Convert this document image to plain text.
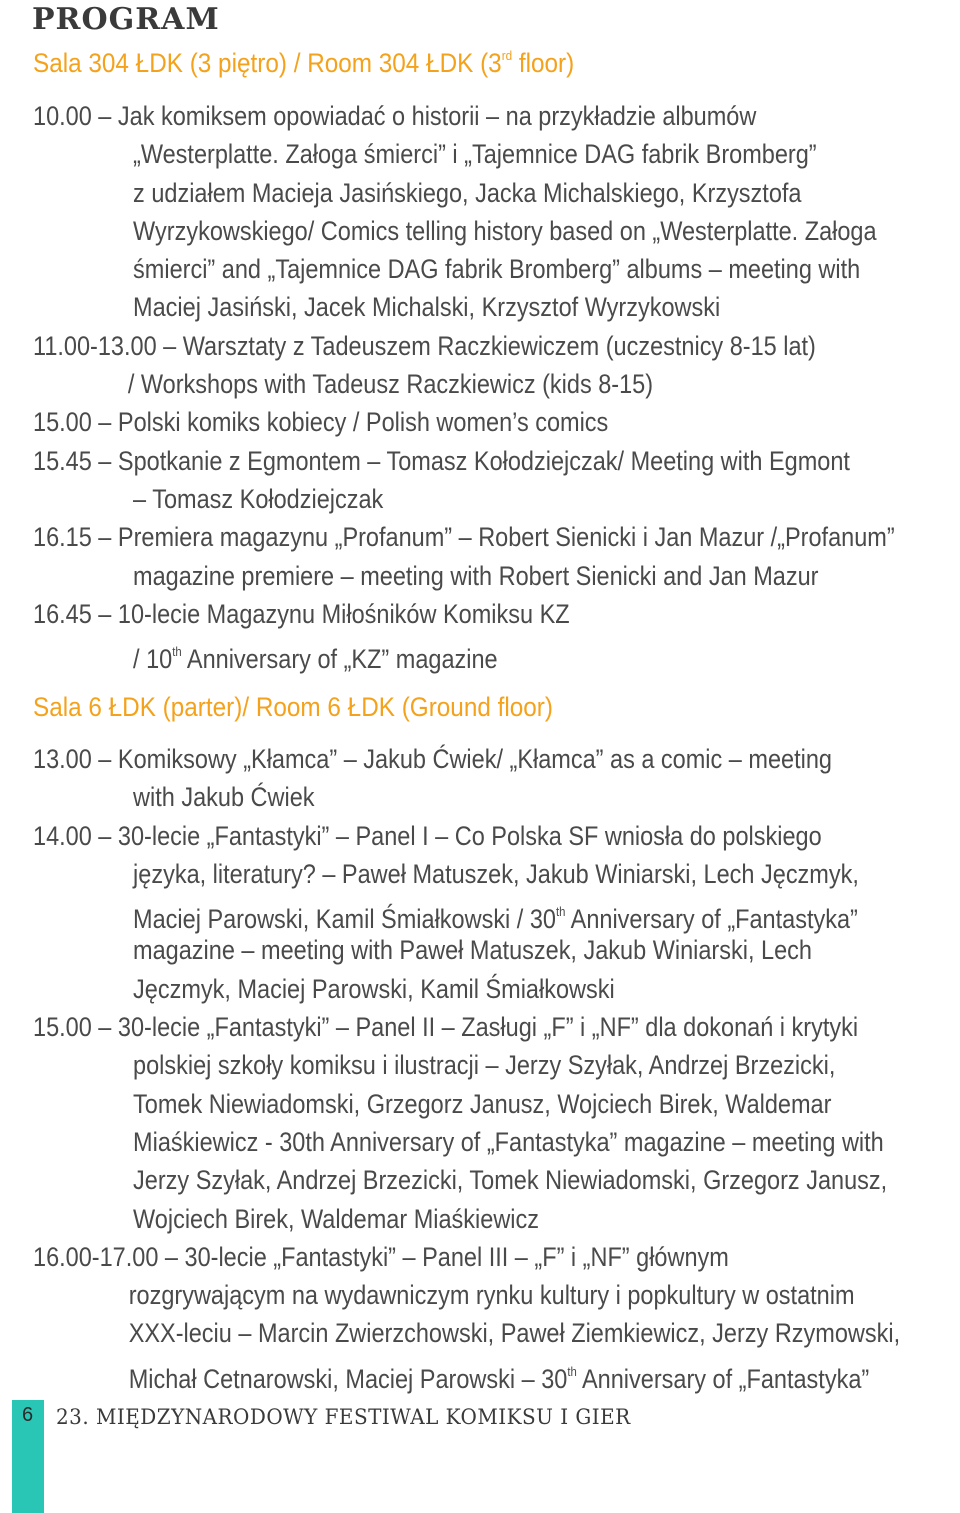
PROGRAM
Sala 304 ŁDK (3 piętro) / Room 304 ŁDK (3rd floor)
10.00 – Jak komiksem opowiadać o historii – na przykładzie albumów
„Westerplatte. Załoga śmierci” i „Tajemnice DAG fabrik Bromberg”
z udziałem Macieja Jasińskiego, Jacka Michalskiego, Krzysztofa
Wyrzykowskiego/ Comics telling history based on „Westerplatte. Załoga
śmierci” and „Tajemnice DAG fabrik Bromberg” albums – meeting with
Maciej Jasiński, Jacek Michalski, Krzysztof Wyrzykowski
11.00-13.00 – Warsztaty z Tadeuszem Raczkiewiczem (uczestnicy 8-15 lat)
/ Workshops with Tadeusz Raczkiewicz (kids 8-15)
15.00 – Polski komiks kobiecy / Polish women’s comics
15.45 – Spotkanie z Egmontem – Tomasz Kołodziejczak/ Meeting with Egmont
– Tomasz Kołodziejczak
16.15 – Premiera magazynu „Profanum” – Robert Sienicki i Jan Mazur /„Profanum”
magazine premiere – meeting with Robert Sienicki and Jan Mazur
16.45 – 10-lecie Magazynu Miłośników Komiksu KZ
/ 10th Anniversary of „KZ” magazine
Sala 6 ŁDK (parter)/ Room 6 ŁDK (Ground floor)
13.00 – Komiksowy „Kłamca” – Jakub Ćwiek/ „Kłamca” as a comic – meeting
with Jakub Ćwiek
14.00 – 30-lecie „Fantastyki” – Panel I – Co Polska SF wniosła do polskiego
języka, literatury? – Paweł Matuszek, Jakub Winiarski, Lech Jęczmyk,
Maciej Parowski, Kamil Śmiałkowski / 30th Anniversary of „Fantastyka”
magazine – meeting with Paweł Matuszek, Jakub Winiarski, Lech
Jęczmyk, Maciej Parowski, Kamil Śmiałkowski
15.00 – 30-lecie „Fantastyki” – Panel II – Zasługi „F” i „NF” dla dokonań i krytyki
polskiej szkoły komiksu i ilustracji – Jerzy Szyłak, Andrzej Brzezicki,
Tomek Niewiadomski, Grzegorz Janusz, Wojciech Birek, Waldemar
Miaśkiewicz - 30th Anniversary of „Fantastyka” magazine – meeting with
Jerzy Szyłak, Andrzej Brzezicki, Tomek Niewiadomski, Grzegorz Janusz,
Wojciech Birek, Waldemar Miaśkiewicz
16.00-17.00 – 30-lecie „Fantastyki” – Panel III – „F” i „NF” głównym
rozgrywającym na wydawniczym rynku kultury i popkultury w ostatnim
XXX-leciu – Marcin Zwierzchowski, Paweł Ziemkiewicz, Jerzy Rzymowski,
Michał Cetnarowski, Maciej Parowski – 30th Anniversary of „Fantastyka”
6 23. MIĘDZYNARODOWY FESTIWAL KOMIKSU I GIER
